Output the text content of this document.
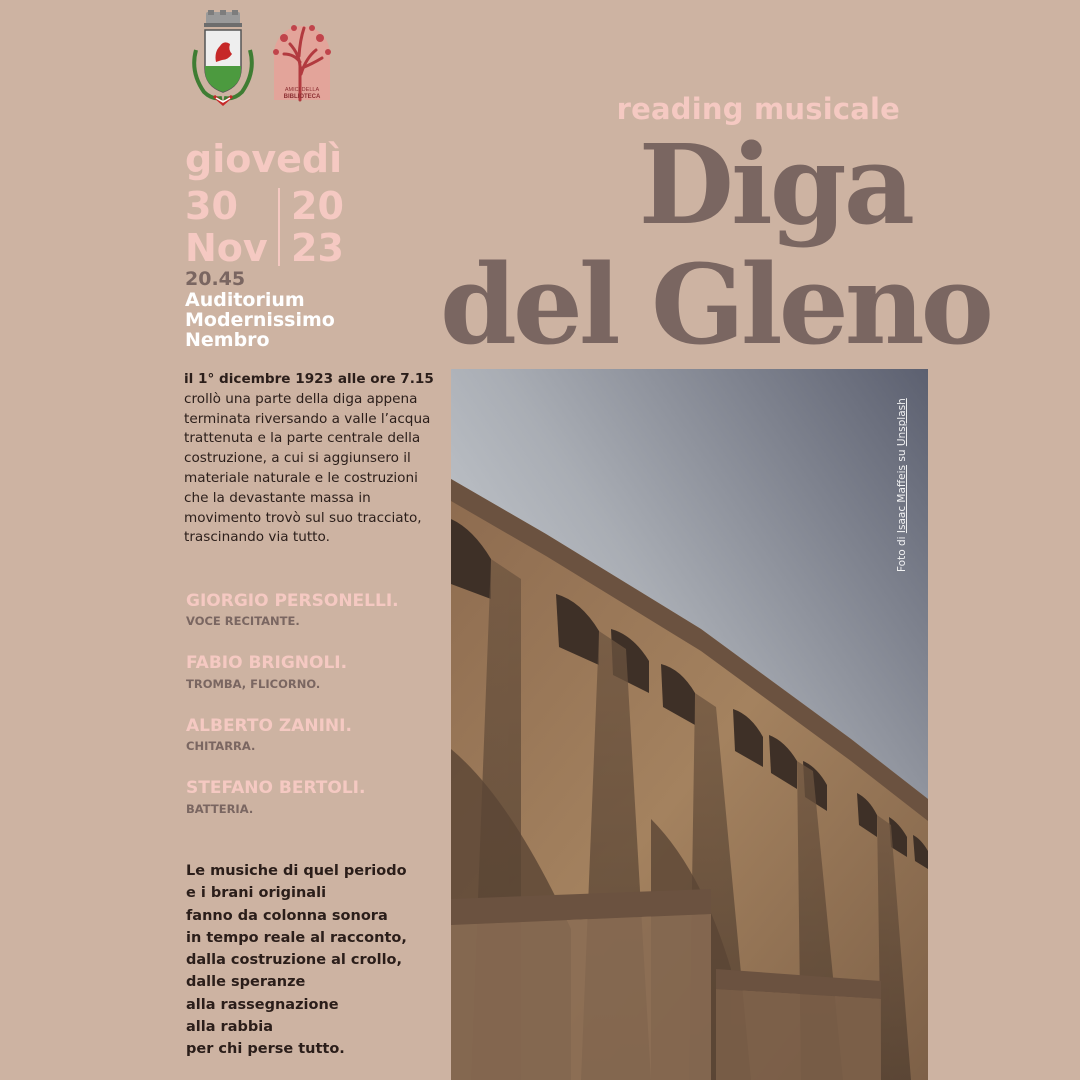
AMICI DELLA
BIBLIOTECA	reading musicale
Diga
del Gleno
giovedì
30
Nov
20
23
20.45
Auditorium
Modernissimo
Nembro
il 1° dicembre 1923 alle ore 7.15 crollò una parte della diga appena terminata riversando a valle l’acqua trattenuta e la parte centrale della costruzione, a cui si aggiunsero il materiale naturale e le costruzioni che la devastante massa in movimento trovò sul suo tracciato, trascinando via tutto.
GIORGIO PERSONELLI.
VOCE RECITANTE.
FABIO BRIGNOLI.
TROMBA, FLICORNO.
ALBERTO ZANINI.
CHITARRA.
STEFANO BERTOLI.
BATTERIA.
Le musiche di quel periodo
e i brani originali
fanno da colonna sonora
in tempo reale al racconto,
dalla costruzione al crollo,
dalle speranze
alla rassegnazione
alla rabbia
per chi perse tutto.
Foto di Isaac Maffeis su Unsplash
